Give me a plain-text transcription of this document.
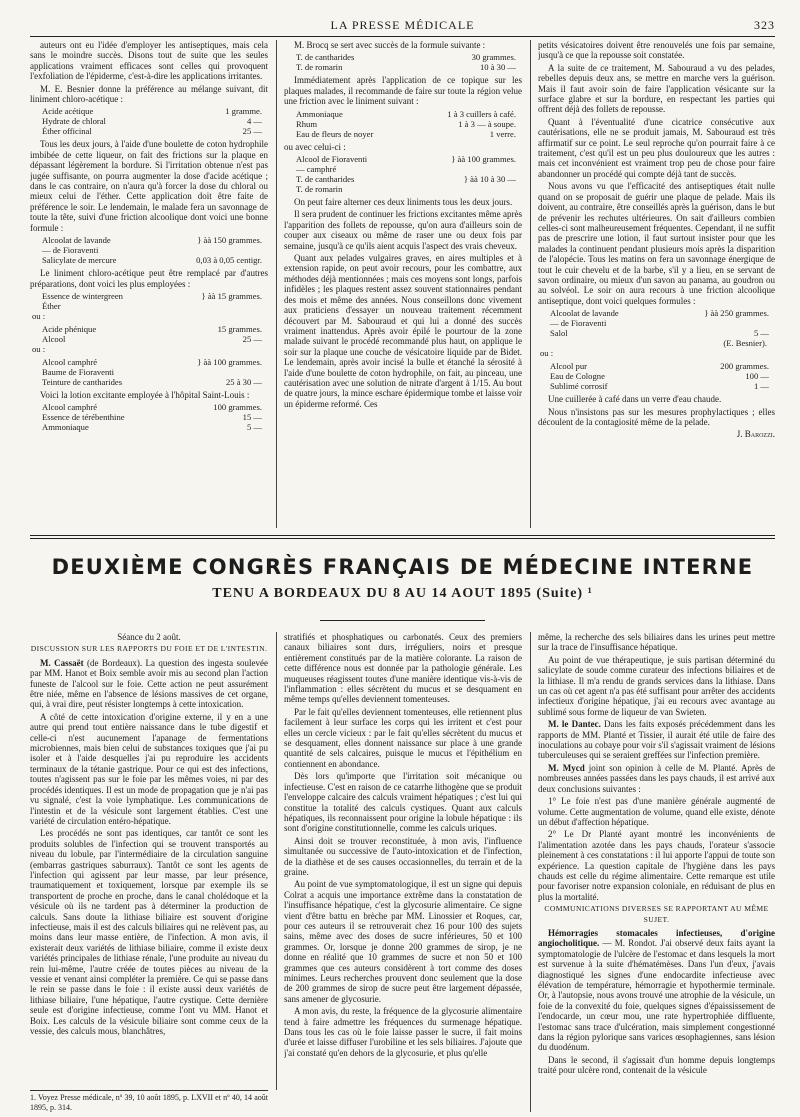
LA PRESSE MÉDICALE	323

auteurs ont eu l'idée d'employer les antiseptiques, mais cela sans le moindre succès. Disons tout de suite que les seules applications vraiment efficaces sont celles qui provoquent l'exfoliation de l'épiderme, c'est-à-dire les applications irritantes.

M. E. Besnier donne la préférence au mélange suivant, dit liniment chloro-acétique :

Acide acétique	1 gramme.
Hydrate de chloral	4 —
Éther officinal	25 —

Tous les deux jours, à l'aide d'une boulette de coton hydrophile imbibée de cette liqueur, on fait des frictions sur la plaque en dépassant légèrement la bordure. Si l'irritation obtenue n'est pas jugée suffisante, on pourra augmenter la dose d'acide acétique ; dans le cas contraire, on n'aura qu'à forcer la dose du chloral ou mieux celui de l'éther. Cette application doit être faite de préférence le soir. Le lendemain, le malade fera un savonnage de toute la tête, suivi d'une friction alcoolique dont voici une bonne formule :

Alcoolat de lavande	} àà 150 grammes.
— de Fioraventi
Salicylate de mercure	0,03 à 0,05 centigr.

Le liniment chloro-acétique peut être remplacé par d'autres préparations, dont voici les plus employées :

Essence de wintergreen	} àà 15 grammes.
Éther
ou :
Acide phénique	15 grammes.
Alcool	25 —
ou :
Alcool camphré	} àà 100 grammes.
Baume de Fioraventi
Teinture de cantharides	25 à 30 —

Voici la lotion excitante employée à l'hôpital Saint-Louis :

Alcool camphré	100 grammes.
Essence de térébenthine	15 —
Ammoniaque	5 —

M. Brocq se sert avec succès de la formule suivante :

T. de cantharides	30 grammes.
T. de romarin	10 à 30 —

Immédiatement après l'application de ce topique sur les plaques malades, il recommande de faire sur toute la région velue une friction avec le liniment suivant :

Ammoniaque	1 à 3 cuillers à café.
Rhum	1 à 3 — à soupe.
Eau de fleurs de noyer	1 verre.

ou avec celui-ci :

Alcool de Fioraventi	} àà 100 grammes.
— camphré
T. de cantharides	} àà 10 à 30 —
T. de romarin

On peut faire alterner ces deux liniments tous les deux jours.

Il sera prudent de continuer les frictions excitantes même après l'apparition des follets de repousse, qu'on aura d'ailleurs soin de couper aux ciseaux ou même de raser une ou deux fois par semaine, jusqu'à ce qu'ils aient acquis l'aspect des vrais cheveux.

Quant aux pelades vulgaires graves, en aires multiples et à extension rapide, on peut avoir recours, pour les combattre, aux méthodes déjà mentionnées ; mais ces moyens sont longs, parfois infidèles ; les plaques restent assez souvent stationnaires pendant des mois et même des années. Nous conseillons donc vivement aux praticiens d'essayer un nouveau traitement récemment découvert par M. Sabouraud et qui lui a donné des succès vraiment inattendus. Après avoir épilé le pourtour de la zone malade suivant le procédé recommandé plus haut, on applique le soir sur la plaque une couche de vésicatoire liquide par de Bidet. Le lendemain, après avoir incisé la bulle et étanché la sérosité à l'aide d'une boulette de coton hydrophile, on fait, au pinceau, une cautérisation avec une solution de nitrate d'argent à 1/15. Au bout de quatre jours, la mince eschare épidermique tombe et laisse voir un épiderme reformé. Ces

petits vésicatoires doivent être renouvelés une fois par semaine, jusqu'à ce que la repousse soit constatée.

A la suite de ce traitement, M. Sabouraud a vu des pelades, rebelles depuis deux ans, se mettre en marche vers la guérison. Mais il faut avoir soin de faire l'application vésicante sur la surface glabre et sur la bordure, en respectant les parties qui offrent déjà des follets de repousse.

Quant à l'éventualité d'une cicatrice consécutive aux cautérisations, elle ne se produit jamais, M. Sabouraud est très affirmatif sur ce point. Le seul reproche qu'on pourrait faire à ce traitement, c'est qu'il est un peu plus douloureux que les autres : mais cet inconvénient est vraiment trop peu de chose pour faire abandonner un procédé qui compte déjà tant de succès.

Nous avons vu que l'efficacité des antiseptiques était nulle quand on se proposait de guérir une plaque de pelade. Mais ils doivent, au contraire, être conseillés après la guérison, dans le but de prévenir les rechutes ultérieures. On sait d'ailleurs combien celles-ci sont malheureusement fréquentes. Cependant, il ne suffit pas de prescrire une lotion, il faut surtout insister pour que les malades la continuent pendant plusieurs mois après la disparition de l'alopécie. Tous les matins on fera un savonnage énergique de tout le cuir chevelu et de la barbe, s'il y a lieu, en se servant de savon ordinaire, ou mieux d'un savon au panama, au goudron ou au solvéol. Le soir on aura recours à une friction alcoolique antiseptique, dont voici quelques formules :

Alcoolat de lavande	} àà 250 grammes.
— de Fioraventi
Salol	5 —
(E. Besnier).
ou :
Alcool pur	200 grammes.
Eau de Cologne	100 —
Sublimé corrosif	1 —

Une cuillerée à café dans un verre d'eau chaude.

Nous n'insistons pas sur les mesures prophylactiques ; elles découlent de la contagiosité même de la pelade.

J. Barozzi.

DEUXIÈME CONGRÈS FRANÇAIS DE MÉDECINE INTERNE
TENU A BORDEAUX DU 8 AU 14 AOUT 1895 (Suite) ¹
Séance du 2 août.
DISCUSSION SUR LES RAPPORTS DU FOIE ET DE L'INTESTIN.

M. Cassaët (de Bordeaux). La question des ingesta soulevée par MM. Hanot et Boix semble avoir mis au second plan l'action funeste de l'alcool sur le foie. Cette action ne peut assurément être niée, même en l'absence de lésions massives de cet organe, qui, à vrai dire, peut résister longtemps à cette intoxication.

A côté de cette intoxication d'origine externe, il y en a une autre qui prend tout entière naissance dans le tube digestif et celle-ci n'est aucunement l'apanage de fermentations microbiennes, mais bien celui de substances toxiques que j'ai pu isoler et à l'aide desquelles j'ai pu reproduire les accidents terminaux de la tétanie gastrique. Pour ce qui est des infections, toutes n'agissent pas sur le foie par les mêmes voies, ni par des procédés identiques. Il est un mode de propagation que je n'ai pas vu signalé, c'est la voie lymphatique. Les communications de l'intestin et de la vésicule sont largement établies. C'est une variété de circulation entéro-hépatique.

Les procédés ne sont pas identiques, car tantôt ce sont les produits solubles de l'infection qui se trouvent transportés au niveau du lobule, par l'intermédiaire de la circulation sanguine (embarras gastriques saburraux). Tantôt ce sont les agents de l'infection qui agissent par leur masse, par leur présence, traumatiquement et toxiquement, lorsque par exemple ils se transportent de proche en proche, dans le canal cholédoque et la vésicule où ils ne tardent pas à déterminer la production de calculs. Sans doute la lithiase biliaire est souvent d'origine infectieuse, mais il est des calculs biliaires qui ne relèvent pas, au moins dans leur masse entière, de l'infection. A mon avis, il existerait deux variétés de lithiase biliaire, comme il existe deux variétés principales de lithiase rénale, l'une produite au niveau du rein lui-même, l'autre créée de toutes pièces au niveau de la vessie et venant ainsi compléter la première. Ce qui se passe dans le rein se passe dans le foie : il existe aussi deux variétés de lithiase biliaire, l'une hépatique, l'autre cystique. Cette dernière seule est d'origine infectieuse, comme l'ont vu MM. Hanot et Boix. Les calculs de la vésicule biliaire sont comme ceux de la vessie, des calculs mous, blanchâtres,

stratifiés et phosphatiques ou carbonatés. Ceux des premiers canaux biliaires sont durs, irréguliers, noirs et presque entièrement constitués par de la matière colorante. La raison de cette différence nous est donnée par la pathologie générale. Les muqueuses réagissent toutes d'une manière identique vis-à-vis de l'inflammation : elles sécrètent du mucus et se desquament en même temps qu'elles deviennent tomenteuses.

Par le fait qu'elles deviennent tomenteuses, elle retiennent plus facilement à leur surface les corps qui les irritent et c'est pour elles un cercle vicieux : par le fait qu'elles sécrètent du mucus et se desquament, elles donnent naissance sur place à une grande quantité de sels calcaires, puisque le mucus et l'épithélium en contiennent en abondance.

Dès lors qu'importe que l'irritation soit mécanique ou infectieuse. C'est en raison de ce catarrhe lithogène que se produit l'enveloppe calcaire des calculs vraiment hépatiques ; c'est lui qui constitue la totalité des calculs cystiques. Quant aux calculs hépatiques, ils reconnaissent pour origine la lobule hépatique : ils sont d'origine constitutionnelle, comme les calculs uriques.

Ainsi doit se trouver reconstituée, à mon avis, l'influence simultanée ou successive de l'auto-intoxication et de l'infection, de la diathèse et de ses causes occasionnelles, du terrain et de la graine.

Au point de vue symptomatologique, il est un signe qui depuis Colrat a acquis une importance extrême dans la constatation de l'insuffisance hépatique, c'est la glycosurie alimentaire. Ce signe vient d'être battu en brèche par MM. Linossier et Roques, car, pour ces auteurs il se retrouverait chez 16 pour 100 des sujets sains, même avec des doses de sucre inférieures, 50 et 100 grammes. Or, lorsque je donne 200 grammes de sirop, je ne donne en réalité que 10 grammes de sucre et non 50 et 100 grammes que ces auteurs considèrent à tort comme des doses minimes. Leurs recherches prouvent donc seulement que la dose de 200 grammes de sirop de sucre peut être largement dépassée, sans amener de glycosurie.

A mon avis, du reste, la fréquence de la glycosurie alimentaire tend à faire admettre les fréquences du surmenage hépatique. Dans tous les cas où le foie laisse passer le sucre, il fait moins d'urée et laisse diffuser l'urobiline et les sels biliaires. J'ajoute que j'ai constaté qu'en dehors de la glycosurie, et plus qu'elle

même, la recherche des sels biliaires dans les urines peut mettre sur la trace de l'insuffisance hépatique.

Au point de vue thérapeutique, je suis partisan déterminé du salicylate de soude comme curateur des infections biliaires et de la lithiase. Il m'a rendu de grands services dans la lithiase. Dans un cas où cet agent n'a pas été suffisant pour arrêter des accidents infectieux d'origine hépatique, j'ai eu recours avec avantage au sublimé sous forme de liqueur de van Swieten.

M. le Dantec. Dans les faits exposés précédemment dans les rapports de MM. Planté et Tissier, il aurait été utile de faire des inoculations au cobaye pour voir s'il s'agissait vraiment de lésions tuberculeuses qui se seraient greffées sur l'infection première.

M. Mycd joint son opinion à celle de M. Planté. Après de nombreuses années passées dans les pays chauds, il est arrivé aux deux conclusions suivantes :

1° Le foie n'est pas d'une manière générale augmenté de volume. Cette augmentation de volume, quand elle existe, dénote un début d'affection hépatique.

2° Le Dr Planté ayant montré les inconvénients de l'alimentation azotée dans les pays chauds, l'orateur s'associe pleinement à ces constatations : il lui apporte l'appui de toute son expérience. La question capitale de l'hygiène dans les pays chauds est celle du régime alimentaire. Cette remarque est utile pour favoriser notre expansion coloniale, en réduisant de plus en plus la mortalité.

COMMUNICATIONS DIVERSES SE RAPPORTANT AU MÊME SUJET.

Hémorragies stomacales infectieuses, d'origine angiocholitique. — M. Rondot. J'ai observé deux faits ayant la symptomatologie de l'ulcère de l'estomac et dans lesquels la mort est survenue à la suite d'hématémèses. Dans l'un d'eux, j'avais diagnostiqué les signes d'une endocardite infectieuse avec élévation de température, hémorragie et hypothermie terminale. Or, à l'autopsie, nous avons trouvé une atrophie de la vésicule, un foie de la convexité du foie, quelques signes d'épaississement de l'endocarde, un cœur mou, une rate hypertrophiée diffluente, l'estomac sans trace d'ulcération, mais simplement congestionné dans la région pylorique sans varices œsophagiennes, sans lésion du duodénum.

Dans le second, il s'agissait d'un homme depuis longtemps traité pour ulcère rond, contenait de la vésicule

1. Voyez Presse médicale, nº 39, 10 août 1895, p. LXVII et nº 40, 14 août 1895, p. 314.
